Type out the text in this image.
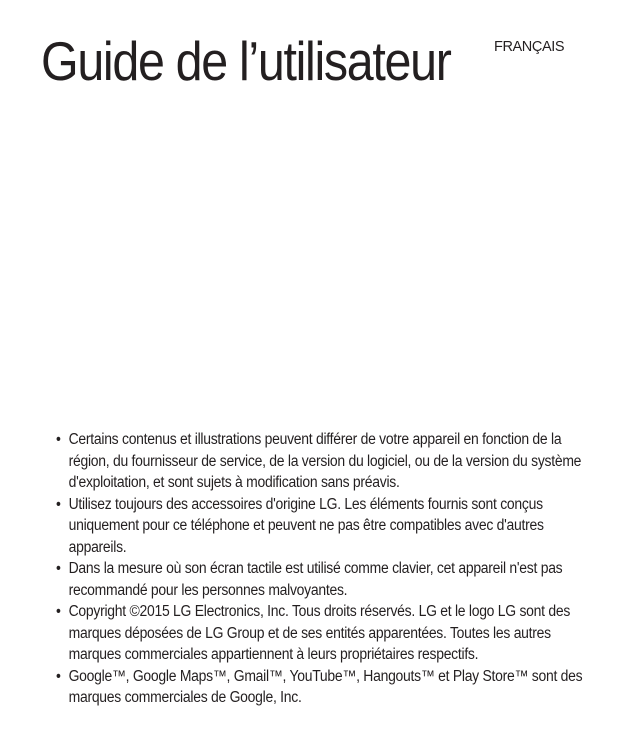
Guide de l’utilisateur	FRANÇAIS
• Certains contenus et illustrations peuvent différer de votre appareil en fonction de la région, du fournisseur de service, de la version du logiciel, ou de la version du système d'exploitation, et sont sujets à modification sans préavis.
• Utilisez toujours des accessoires d'origine LG. Les éléments fournis sont conçus uniquement pour ce téléphone et peuvent ne pas être compatibles avec d'autres appareils.
• Dans la mesure où son écran tactile est utilisé comme clavier, cet appareil n'est pas recommandé pour les personnes malvoyantes.
• Copyright ©2015 LG Electronics, Inc. Tous droits réservés. LG et le logo LG sont des marques déposées de LG Group et de ses entités apparentées. Toutes les autres marques commerciales appartiennent à leurs propriétaires respectifs.
• Google™, Google Maps™, Gmail™, YouTube™, Hangouts™ et Play Store™ sont des marques commerciales de Google, Inc.
